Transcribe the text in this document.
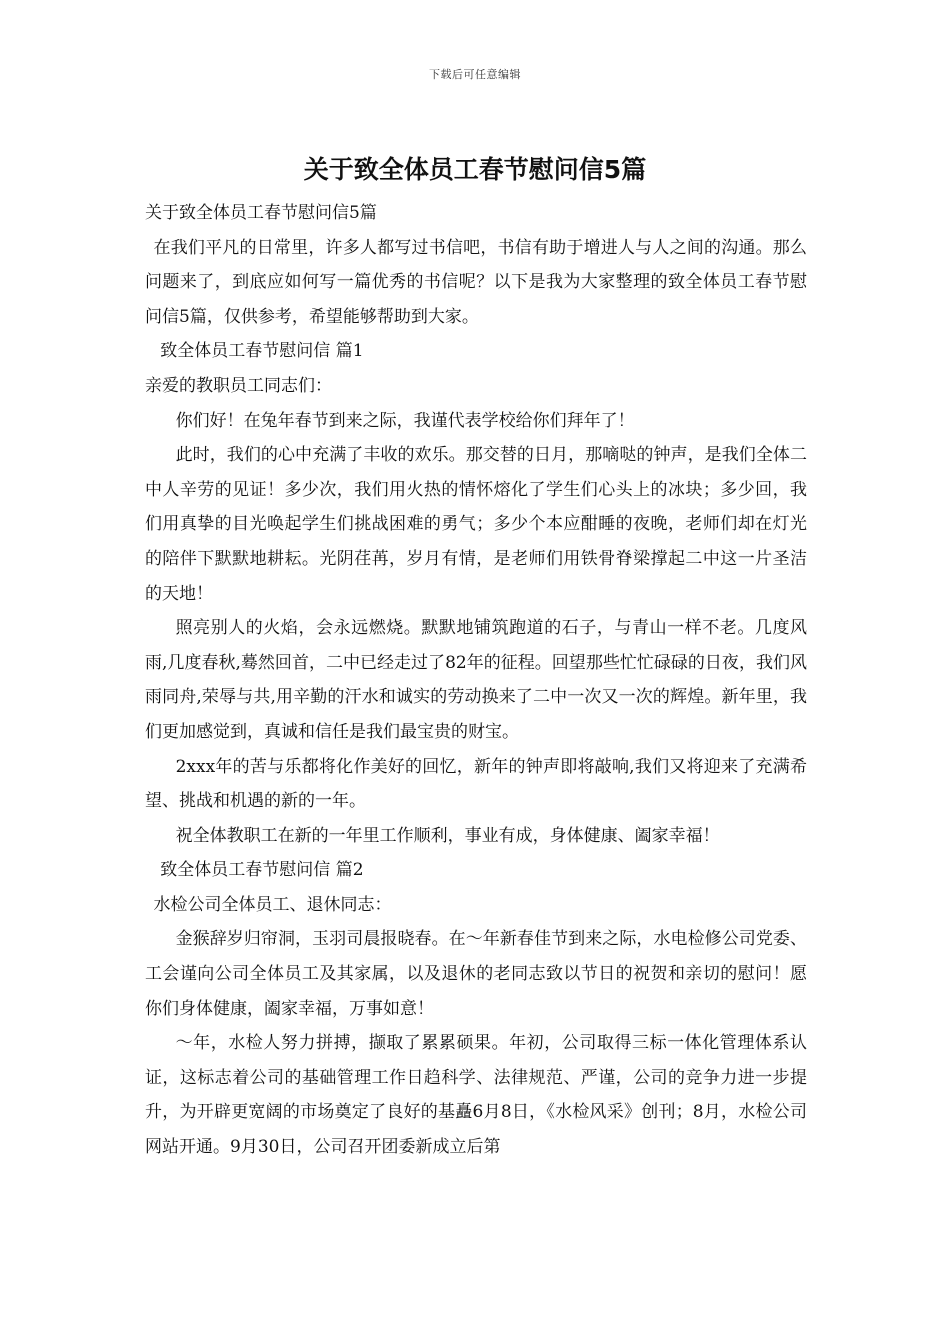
下载后可任意编辑
关于致全体员工春节慰问信5篇

关于致全体员工春节慰问信5篇

在我们平凡的日常里，许多人都写过书信吧，书信有助于增进人与人之间的沟通。那么问题来了，到底应如何写一篇优秀的书信呢？以下是我为大家整理的致全体员工春节慰问信5篇，仅供参考，希望能够帮助到大家。

致全体员工春节慰问信 篇1

亲爱的教职员工同志们：

你们好！在兔年春节到来之际，我谨代表学校给你们拜年了！

此时，我们的心中充满了丰收的欢乐。那交替的日月，那嘀哒的钟声，是我们全体二中人辛劳的见证！多少次，我们用火热的情怀熔化了学生们心头上的冰块；多少回，我们用真挚的目光唤起学生们挑战困难的勇气；多少个本应酣睡的夜晚，老师们却在灯光的陪伴下默默地耕耘。光阴荏苒，岁月有情，是老师们用铁骨脊梁撑起二中这一片圣洁的天地！

照亮别人的火焰，会永远燃烧。默默地铺筑跑道的石子，与青山一样不老。几度风雨,几度春秋,蓦然回首，二中已经走过了82年的征程。回望那些忙忙碌碌的日夜，我们风雨同舟,荣辱与共,用辛勤的汗水和诚实的劳动换来了二中一次又一次的辉煌。新年里，我们更加感觉到，真诚和信任是我们最宝贵的财宝。

2xxx年的苦与乐都将化作美好的回忆，新年的钟声即将敲响,我们又将迎来了充满希望、挑战和机遇的新的一年。

祝全体教职工在新的一年里工作顺利，事业有成，身体健康、阖家幸福！

致全体员工春节慰问信 篇2

水检公司全体员工、退休同志：

金猴辞岁归帘洞，玉羽司晨报晓春。在～年新春佳节到来之际，水电检修公司党委、工会谨向公司全体员工及其家属，以及退休的老同志致以节日的祝贺和亲切的慰问！愿你们身体健康，阖家幸福，万事如意！

～年，水检人努力拼搏，撷取了累累硕果。年初，公司取得三标一体化管理体系认证，这标志着公司的基础管理工作日趋科学、法律规范、严谨，公司的竞争力进一步提升，为开辟更宽阔的市场奠定了良好的基矗6月8日，《水检风采》创刊；8月，水检公司网站开通。9月30日，公司召开团委新成立后第
